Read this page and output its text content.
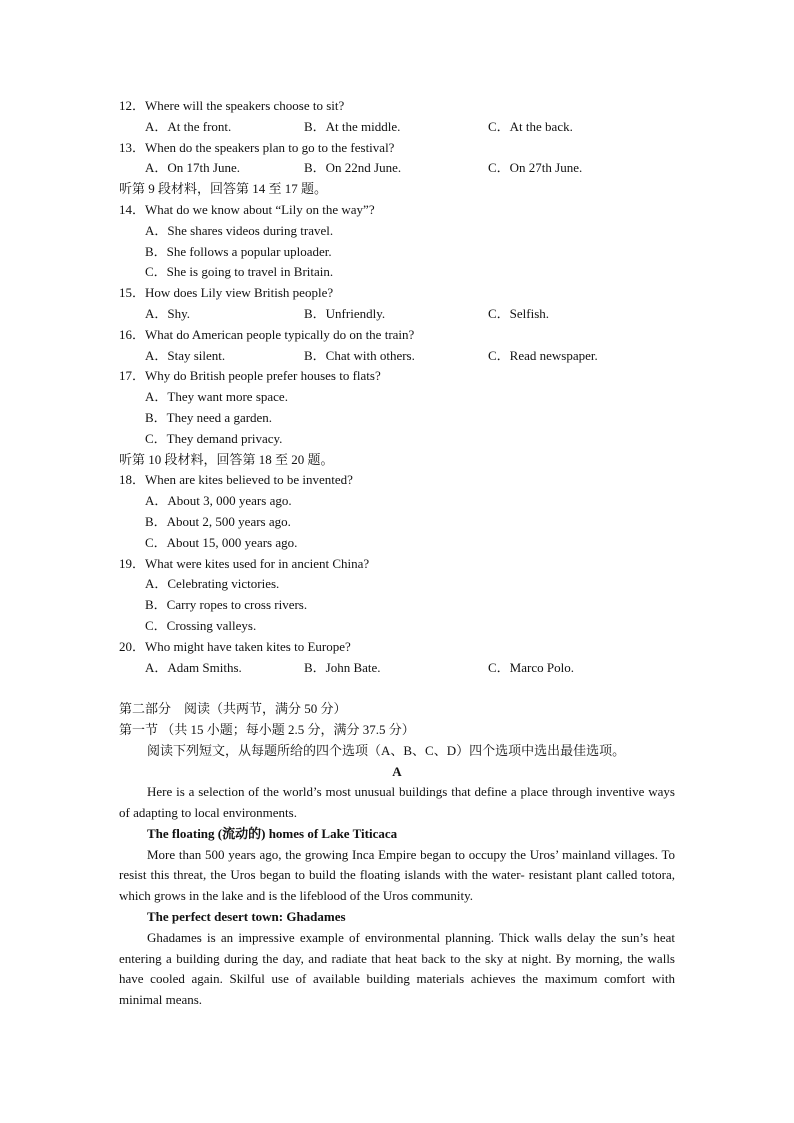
12．Where will the speakers choose to sit?
A．At the front.	B．At the middle.	C．At the back.
13．When do the speakers plan to go to the festival?
A．On 17th June.	B．On 22nd June.	C．On 27th June.
听第 9 段材料，回答第 14 至 17 题。
14．What do we know about “Lily on the way”?
A．She shares videos during travel.
B．She follows a popular uploader.
C．She is going to travel in Britain.
15．How does Lily view British people?
A．Shy.	B．Unfriendly.	C．Selfish.
16．What do American people typically do on the train?
A．Stay silent.	B．Chat with others.	C．Read newspaper.
17．Why do British people prefer houses to flats?
A．They want more space.
B．They need a garden.
C．They demand privacy.
听第 10 段材料，回答第 18 至 20 题。
18．When are kites believed to be invented?
A．About 3, 000 years ago.
B．About 2, 500 years ago.
C．About 15, 000 years ago.
19．What were kites used for in ancient China?
A．Celebrating victories.
B．Carry ropes to cross rivers.
C．Crossing valleys.
20．Who might have taken kites to Europe?
A．Adam Smiths.	B．John Bate.	C．Marco Polo.
第二部分　阅读（共两节，满分 50 分）
第一节 （共 15 小题；每小题 2.5 分，满分 37.5 分）
阅读下列短文，从每题所给的四个选项（A、B、C、D）四个选项中选出最佳选项。
A
Here is a selection of the world’s most unusual buildings that define a place through inventive ways of adapting to local environments.
The floating (流动的) homes of Lake Titicaca
More than 500 years ago, the growing Inca Empire began to occupy the Uros’ mainland villages. To resist this threat, the Uros began to build the floating islands with the water- resistant plant called totora, which grows in the lake and is the lifeblood of the Uros community.
The perfect desert town: Ghadames
Ghadames is an impressive example of environmental planning. Thick walls delay the sun’s heat entering a building during the day, and radiate that heat back to the sky at night. By morning, the walls have cooled again. Skilful use of available building materials achieves the maximum comfort with minimal means.
